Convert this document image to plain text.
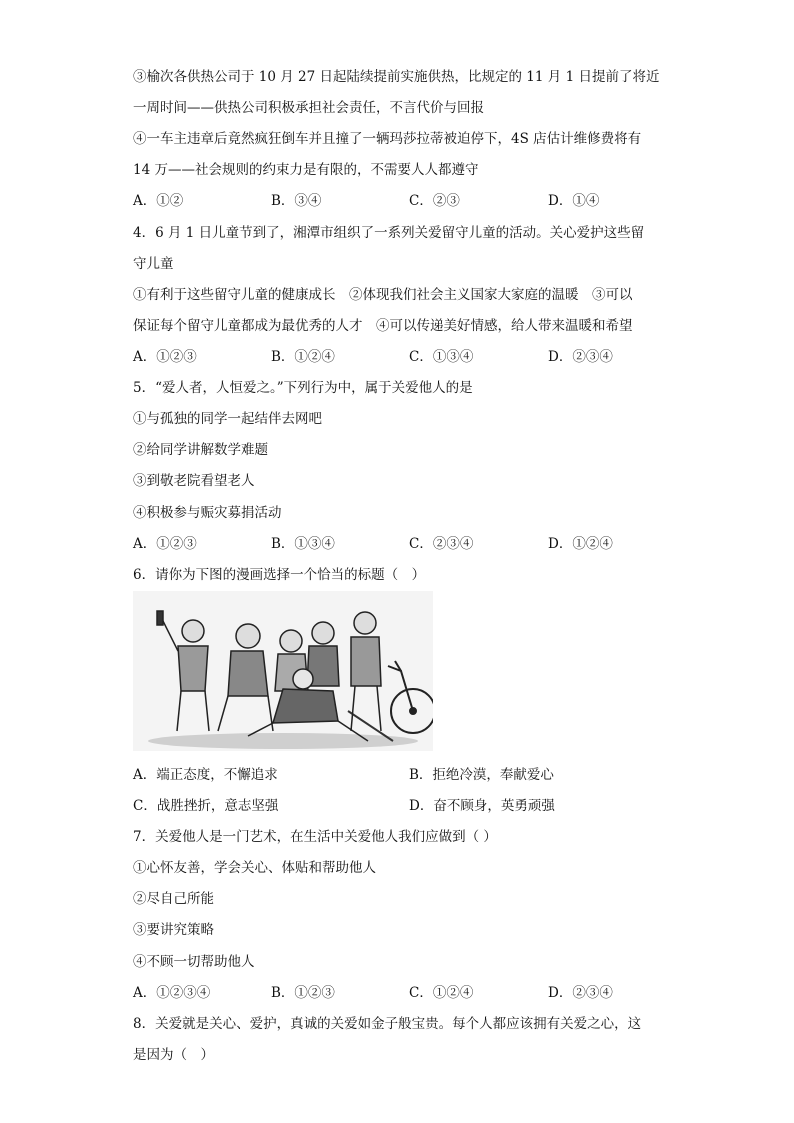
③榆次各供热公司于 10 月 27 日起陆续提前实施供热，比规定的 11 月 1 日提前了将近
一周时间——供热公司积极承担社会责任，不言代价与回报
④一车主违章后竟然疯狂倒车并且撞了一辆玛莎拉蒂被迫停下，4S 店估计维修费将有
14 万——社会规则的约束力是有限的，不需要人人都遵守
A．①②	B．③④	C．②③	D．①④
4．6 月 1 日儿童节到了，湘潭市组织了一系列关爱留守儿童的活动。关心爱护这些留
守儿童
①有利于这些留守儿童的健康成长　②体现我们社会主义国家大家庭的温暖　③可以
保证每个留守儿童都成为最优秀的人才　④可以传递美好情感，给人带来温暖和希望
A．①②③	B．①②④	C．①③④	D．②③④
5．“爱人者，人恒爱之。”下列行为中，属于关爱他人的是
①与孤独的同学一起结伴去网吧
②给同学讲解数学难题
③到敬老院看望老人
④积极参与赈灾募捐活动
A．①②③	B．①③④	C．②③④	D．①②④
6．请你为下图的漫画选择一个恰当的标题（　）
A．端正态度，不懈追求	B．拒绝冷漠，奉献爱心
C．战胜挫折，意志坚强	D．奋不顾身，英勇顽强
7．关爱他人是一门艺术，在生活中关爱他人我们应做到（ ）
①心怀友善，学会关心、体贴和帮助他人
②尽自己所能
③要讲究策略
④不顾一切帮助他人
A．①②③④	B．①②③	C．①②④	D．②③④
8．关爱就是关心、爱护，真诚的关爱如金子般宝贵。每个人都应该拥有关爱之心，这
是因为（　）
